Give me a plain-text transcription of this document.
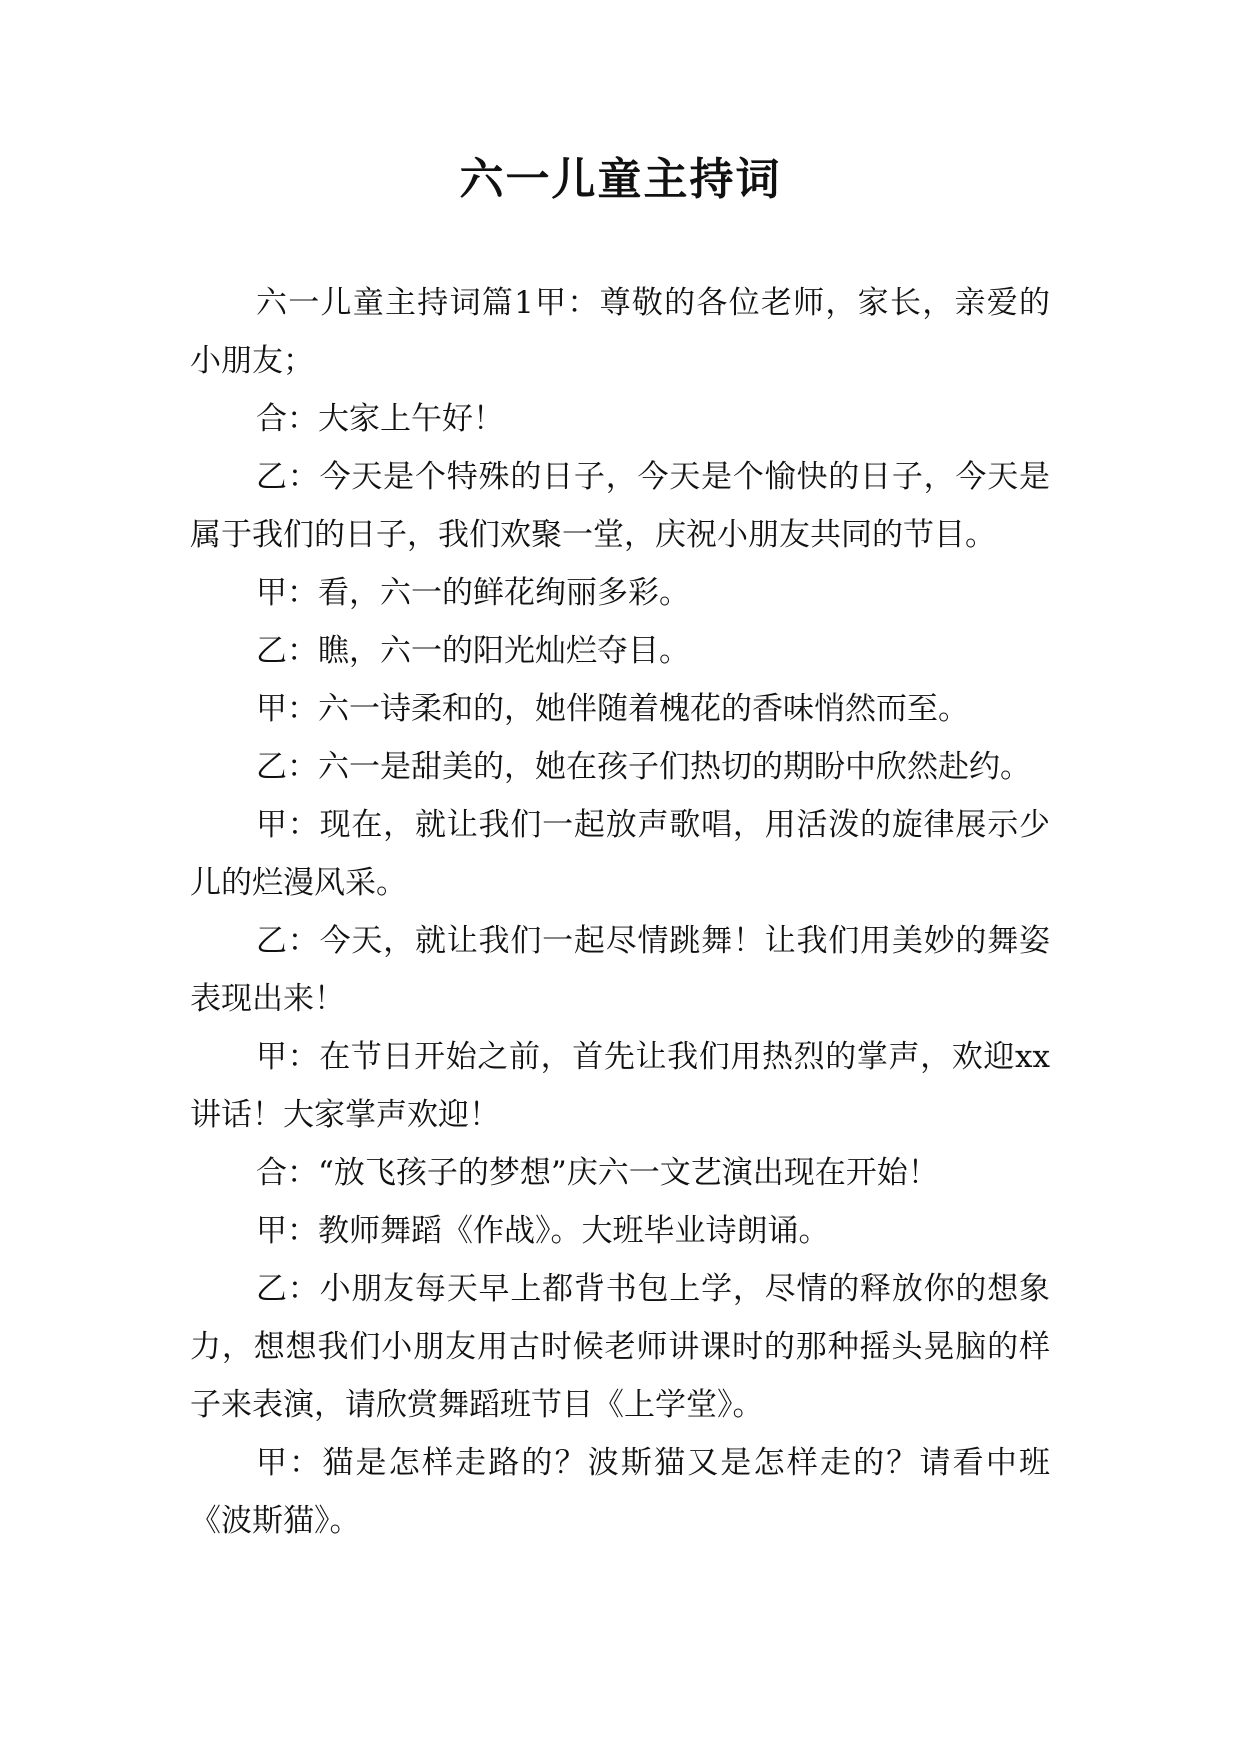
六一儿童主持词

六一儿童主持词篇1甲：尊敬的各位老师，家长，亲爱的小朋友；

合：大家上午好！

乙：今天是个特殊的日子，今天是个愉快的日子，今天是属于我们的日子，我们欢聚一堂，庆祝小朋友共同的节目。

甲：看，六一的鲜花绚丽多彩。

乙：瞧，六一的阳光灿烂夺目。

甲：六一诗柔和的，她伴随着槐花的香味悄然而至。

乙：六一是甜美的，她在孩子们热切的期盼中欣然赴约。

甲：现在，就让我们一起放声歌唱，用活泼的旋律展示少儿的烂漫风采。

乙：今天，就让我们一起尽情跳舞！让我们用美妙的舞姿表现出来！

甲：在节日开始之前，首先让我们用热烈的掌声，欢迎xx讲话！大家掌声欢迎！

合：“放飞孩子的梦想”庆六一文艺演出现在开始！

甲：教师舞蹈《作战》。大班毕业诗朗诵。

乙：小朋友每天早上都背书包上学，尽情的释放你的想象力，想想我们小朋友用古时候老师讲课时的那种摇头晃脑的样子来表演，请欣赏舞蹈班节目《上学堂》。

甲：猫是怎样走路的？波斯猫又是怎样走的？请看中班《波斯猫》。
